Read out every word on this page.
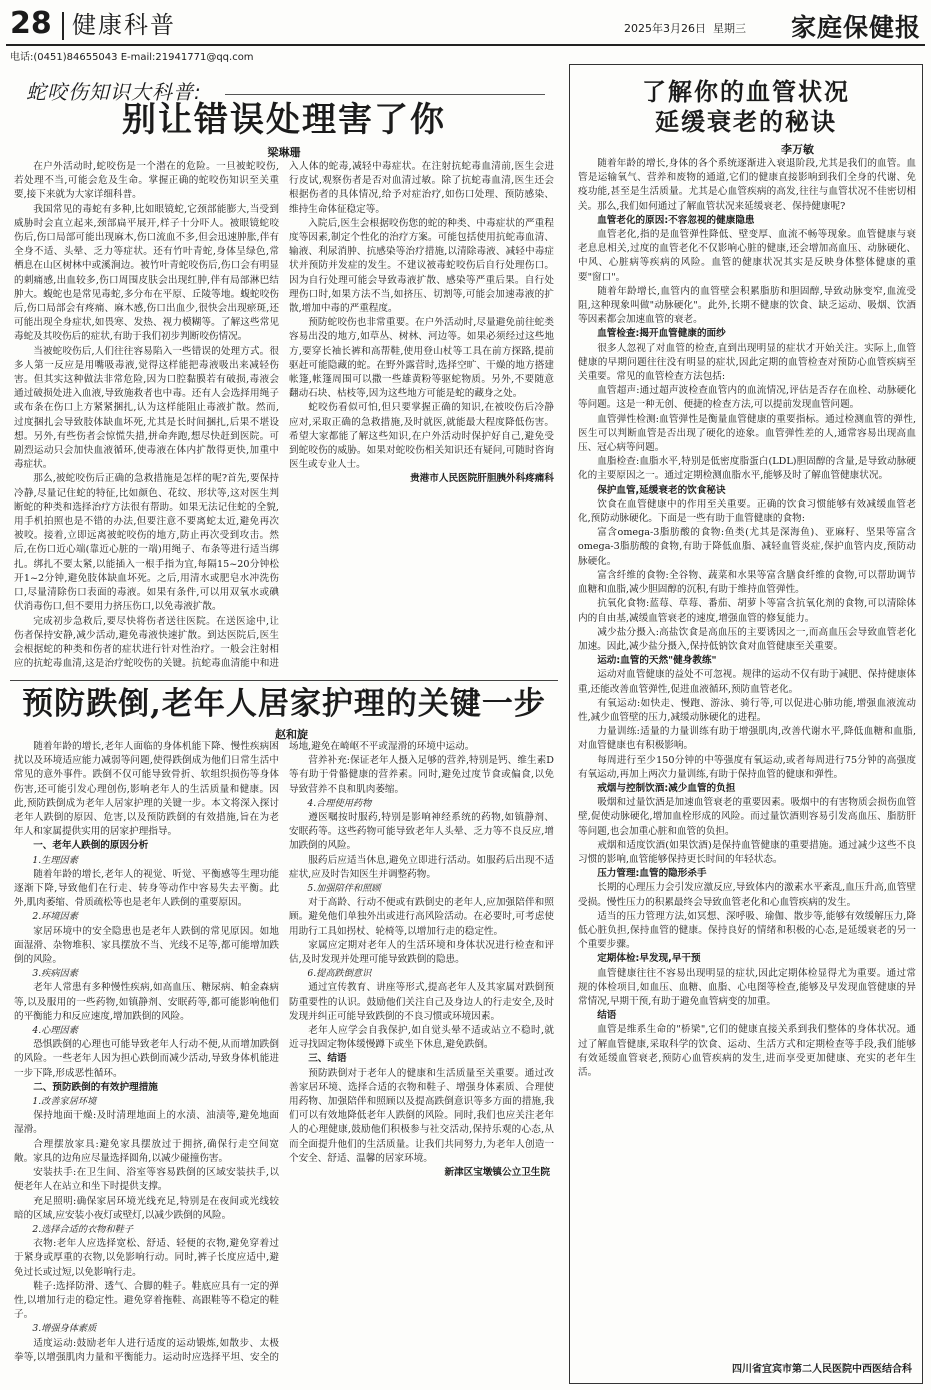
28 健康科普	2025年3月26日 星期三 家庭保健报
电话:(0451)84655043 E-mail:21941771@qq.com
蛇咬伤知识大科普:
别让错误处理害了你
梁琳珊

在户外活动时,蛇咬伤是一个潜在的危险。一旦被蛇咬伤,若处理不当,可能会危及生命。掌握正确的蛇咬伤知识至关重要,接下来就为大家详细科普。

我国常见的毒蛇有多种,比如眼镜蛇,它颈部能膨大,当受到威胁时会直立起来,颈部扁平展开,样子十分吓人。被眼镜蛇咬伤后,伤口局部可能出现麻木,伤口流血不多,但会迅速肿胀,伴有全身不适、头晕、乏力等症状。还有竹叶青蛇,身体呈绿色,常栖息在山区树林中或溪涧边。被竹叶青蛇咬伤后,伤口会有明显的刺痛感,出血较多,伤口周围皮肤会出现红肿,伴有局部淋巴结肿大。蝮蛇也是常见毒蛇,多分布在平原、丘陵等地。蝮蛇咬伤后,伤口局部会有疼痛、麻木感,伤口出血少,很快会出现瘀斑,还可能出现全身症状,如畏寒、发热、视力模糊等。了解这些常见毒蛇及其咬伤后的症状,有助于我们初步判断咬伤情况。

当被蛇咬伤后,人们往往容易陷入一些错误的处理方式。很多人第一反应是用嘴吸毒液,觉得这样能把毒液吸出来减轻伤害。但其实这种做法非常危险,因为口腔黏膜若有破损,毒液会通过破损处进入血液,导致施救者也中毒。还有人会选择用绳子或布条在伤口上方紧紧捆扎,认为这样能阻止毒液扩散。然而,过度捆扎会导致肢体缺血坏死,尤其是长时间捆扎,后果不堪设想。另外,有些伤者会惊慌失措,拼命奔跑,想尽快赶到医院。可剧烈运动只会加快血液循环,使毒液在体内扩散得更快,加重中毒症状。

那么,被蛇咬伤后正确的急救措施是怎样的呢?首先,要保持冷静,尽量记住蛇的特征,比如颜色、花纹、形状等,这对医生判断蛇的种类和选择治疗方法很有帮助。如果无法记住蛇的全貌,用手机拍照也是不错的办法,但要注意不要离蛇太近,避免再次被咬。接着,立即远离被蛇咬伤的地方,防止再次受到攻击。然后,在伤口近心端(靠近心脏的一端)用绳子、布条等进行适当绑扎。绑扎不要太紧,以能插入一根手指为宜,每隔15~20分钟松开1~2分钟,避免肢体缺血坏死。之后,用清水或肥皂水冲洗伤口,尽量清除伤口表面的毒液。如果有条件,可以用双氧水或碘伏消毒伤口,但不要用力挤压伤口,以免毒液扩散。

完成初步急救后,要尽快将伤者送往医院。在送医途中,让伤者保持安静,减少活动,避免毒液快速扩散。到达医院后,医生会根据蛇的种类和伤者的症状进行针对性治疗。一般会注射相应的抗蛇毒血清,这是治疗蛇咬伤的关键。抗蛇毒血清能中和进入人体的蛇毒,减轻中毒症状。在注射抗蛇毒血清前,医生会进行皮试,观察伤者是否对血清过敏。除了抗蛇毒血清,医生还会根据伤者的具体情况,给予对症治疗,如伤口处理、预防感染、维持生命体征稳定等。

入院后,医生会根据咬伤您的蛇的种类、中毒症状的严重程度等因素,制定个性化的治疗方案。可能包括使用抗蛇毒血清、输液、利尿消肿、抗感染等治疗措施,以清除毒液、减轻中毒症状并预防并发症的发生。不建议被毒蛇咬伤后自行处理伤口。因为自行处理可能会导致毒液扩散、感染等严重后果。自行处理伤口时,如果方法不当,如挤压、切割等,可能会加速毒液的扩散,增加中毒的严重程度。

预防蛇咬伤也非常重要。在户外活动时,尽量避免前往蛇类容易出没的地方,如草丛、树林、河边等。如果必须经过这些地方,要穿长袖长裤和高帮鞋,使用登山杖等工具在前方探路,提前驱赶可能隐藏的蛇。在野外露营时,选择空旷、干燥的地方搭建帐篷,帐篷周围可以撒一些雄黄粉等驱蛇物质。另外,不要随意翻动石块、枯枝等,因为这些地方可能是蛇的藏身之处。

蛇咬伤看似可怕,但只要掌握正确的知识,在被咬伤后冷静应对,采取正确的急救措施,及时就医,就能最大程度降低伤害。希望大家都能了解这些知识,在户外活动时保护好自己,避免受到蛇咬伤的威胁。如果对蛇咬伤相关知识还有疑问,可随时咨询医生或专业人士。

贵港市人民医院肝胆胰外科疼痛科

预防跌倒,老年人居家护理的关键一步
赵和旋

随着年龄的增长,老年人面临的身体机能下降、慢性疾病困扰以及环境适应能力减弱等问题,使得跌倒成为他们日常生活中常见的意外事件。跌倒不仅可能导致骨折、软组织损伤等身体伤害,还可能引发心理创伤,影响老年人的生活质量和健康。因此,预防跌倒成为老年人居家护理的关键一步。本文将深入探讨老年人跌倒的原因、危害,以及预防跌倒的有效措施,旨在为老年人和家属提供实用的居家护理指导。

一、老年人跌倒的原因分析

1.生理因素

随着年龄的增长,老年人的视觉、听觉、平衡感等生理功能逐渐下降,导致他们在行走、转身等动作中容易失去平衡。此外,肌肉萎缩、骨质疏松等也是老年人跌倒的重要原因。

2.环境因素

家居环境中的安全隐患也是老年人跌倒的常见原因。如地面湿滑、杂物堆积、家具摆放不当、光线不足等,都可能增加跌倒的风险。

3.疾病因素

老年人常患有多种慢性疾病,如高血压、糖尿病、帕金森病等,以及服用的一些药物,如镇静剂、安眠药等,都可能影响他们的平衡能力和反应速度,增加跌倒的风险。

4.心理因素

恐惧跌倒的心理也可能导致老年人行动不便,从而增加跌倒的风险。一些老年人因为担心跌倒而减少活动,导致身体机能进一步下降,形成恶性循环。

二、预防跌倒的有效护理措施

1.改善家居环境

保持地面干燥:及时清理地面上的水渍、油渍等,避免地面湿滑。

合理摆放家具:避免家具摆放过于拥挤,确保行走空间宽敞。家具的边角应尽量选择圆角,以减少碰撞伤害。

安装扶手:在卫生间、浴室等容易跌倒的区域安装扶手,以便老年人在站立和坐下时提供支撑。

充足照明:确保家居环境光线充足,特别是在夜间或光线较暗的区域,应安装小夜灯或壁灯,以减少跌倒的风险。

2.选择合适的衣物和鞋子

衣物:老年人应选择宽松、舒适、轻便的衣物,避免穿着过于紧身或厚重的衣物,以免影响行动。同时,裤子长度应适中,避免过长或过短,以免影响行走。

鞋子:选择防滑、透气、合脚的鞋子。鞋底应具有一定的弹性,以增加行走的稳定性。避免穿着拖鞋、高跟鞋等不稳定的鞋子。

3.增强身体素质

适度运动:鼓励老年人进行适度的运动锻炼,如散步、太极拳等,以增强肌肉力量和平衡能力。运动时应选择平坦、安全的场地,避免在崎岖不平或湿滑的环境中运动。

营养补充:保证老年人摄入足够的营养,特别是钙、维生素D等有助于骨骼健康的营养素。同时,避免过度节食或偏食,以免导致营养不良和肌肉萎缩。

4.合理使用药物

遵医嘱按时服药,特别是影响神经系统的药物,如镇静剂、安眠药等。这些药物可能导致老年人头晕、乏力等不良反应,增加跌倒的风险。

服药后应适当休息,避免立即进行活动。如服药后出现不适症状,应及时告知医生并调整药物。

5.加强陪伴和照顾

对于高龄、行动不便或有跌倒史的老年人,应加强陪伴和照顾。避免他们单独外出或进行高风险活动。在必要时,可考虑使用助行工具如拐杖、轮椅等,以增加行走的稳定性。

家属应定期对老年人的生活环境和身体状况进行检查和评估,及时发现并处理可能导致跌倒的隐患。

6.提高跌倒意识

通过宣传教育、讲座等形式,提高老年人及其家属对跌倒预防重要性的认识。鼓励他们关注自己及身边人的行走安全,及时发现并纠正可能导致跌倒的不良习惯或环境因素。

老年人应学会自我保护,如自觉头晕不适或站立不稳时,就近寻找固定物体缓慢蹲下或坐下休息,避免跌倒。

三、结语

预防跌倒对于老年人的健康和生活质量至关重要。通过改善家居环境、选择合适的衣物和鞋子、增强身体素质、合理使用药物、加强陪伴和照顾以及提高跌倒意识等多方面的措施,我们可以有效地降低老年人跌倒的风险。同时,我们也应关注老年人的心理健康,鼓励他们积极参与社交活动,保持乐观的心态,从而全面提升他们的生活质量。让我们共同努力,为老年人创造一个安全、舒适、温馨的居家环境。

新津区宝墩镇公立卫生院

了解你的血管状况
延缓衰老的秘诀
李万敏

随着年龄的增长,身体的各个系统逐渐进入衰退阶段,尤其是我们的血管。血管是运输氧气、营养和废物的通道,它们的健康直接影响到我们全身的代谢、免疫功能,甚至是生活质量。尤其是心血管疾病的高发,往往与血管状况不佳密切相关。那么,我们如何通过了解血管状况来延缓衰老、保持健康呢?

血管老化的原因:不容忽视的健康隐患

血管老化,指的是血管弹性降低、壁变厚、血流不畅等现象。血管健康与衰老息息相关,过度的血管老化不仅影响心脏的健康,还会增加高血压、动脉硬化、中风、心脏病等疾病的风险。血管的健康状况其实是反映身体整体健康的重要"窗口"。

随着年龄增长,血管内的血管壁会积累脂肪和胆固醇,导致动脉变窄,血流受阻,这种现象叫做"动脉硬化"。此外,长期不健康的饮食、缺乏运动、吸烟、饮酒等因素都会加速血管的衰老。

血管检查:揭开血管健康的面纱

很多人忽视了对血管的检查,直到出现明显的症状才开始关注。实际上,血管健康的早期问题往往没有明显的症状,因此定期的血管检查对预防心血管疾病至关重要。常见的血管检查方法包括:

血管超声:通过超声波检查血管内的血流情况,评估是否存在血栓、动脉硬化等问题。这是一种无创、便捷的检查方法,可以提前发现血管问题。

血管弹性检测:血管弹性是衡量血管健康的重要指标。通过检测血管的弹性,医生可以判断血管是否出现了硬化的迹象。血管弹性差的人,通常容易出现高血压、冠心病等问题。

血脂检查:血脂水平,特别是低密度脂蛋白(LDL)胆固醇的含量,是导致动脉硬化的主要原因之一。通过定期检测血脂水平,能够及时了解血管健康状况。

保护血管,延缓衰老的饮食秘诀

饮食在血管健康中的作用至关重要。正确的饮食习惯能够有效减缓血管老化,预防动脉硬化。下面是一些有助于血管健康的食物:

富含omega-3脂肪酸的食物:鱼类(尤其是深海鱼)、亚麻籽、坚果等富含omega-3脂肪酸的食物,有助于降低血脂、减轻血管炎症,保护血管内皮,预防动脉硬化。

富含纤维的食物:全谷物、蔬菜和水果等富含膳食纤维的食物,可以帮助调节血糖和血脂,减少胆固醇的沉积,有助于维持血管弹性。

抗氧化食物:蓝莓、草莓、番茄、胡萝卜等富含抗氧化剂的食物,可以清除体内的自由基,减缓血管衰老的速度,增强血管的修复能力。

减少盐分摄入:高盐饮食是高血压的主要诱因之一,而高血压会导致血管老化加速。因此,减少盐分摄入,保持低钠饮食对血管健康至关重要。

运动:血管的天然"健身教练"

运动对血管健康的益处不可忽视。规律的运动不仅有助于减肥、保持健康体重,还能改善血管弹性,促进血液循环,预防血管老化。

有氧运动:如快走、慢跑、游泳、骑行等,可以促进心肺功能,增强血液流动性,减少血管壁的压力,减缓动脉硬化的进程。

力量训练:适量的力量训练有助于增强肌肉,改善代谢水平,降低血糖和血脂,对血管健康也有积极影响。

每周进行至少150分钟的中等强度有氧运动,或者每周进行75分钟的高强度有氧运动,再加上两次力量训练,有助于保持血管的健康和弹性。

戒烟与控制饮酒:减少血管的负担

吸烟和过量饮酒是加速血管衰老的重要因素。吸烟中的有害物质会损伤血管壁,促使动脉硬化,增加血栓形成的风险。而过量饮酒则容易引发高血压、脂肪肝等问题,也会加重心脏和血管的负担。

戒烟和适度饮酒(如果饮酒)是保持血管健康的重要措施。通过减少这些不良习惯的影响,血管能够保持更长时间的年轻状态。

压力管理:血管的隐形杀手

长期的心理压力会引发应激反应,导致体内的激素水平紊乱,血压升高,血管壁受损。慢性压力的积累最终会导致血管老化和心血管疾病的发生。

适当的压力管理方法,如冥想、深呼吸、瑜伽、散步等,能够有效缓解压力,降低心脏负担,保持血管的健康。保持良好的情绪和积极的心态,是延缓衰老的另一个重要步骤。

定期体检:早发现,早干预

血管健康往往不容易出现明显的症状,因此定期体检显得尤为重要。通过常规的体检项目,如血压、血糖、血脂、心电图等检查,能够及早发现血管健康的异常情况,早期干预,有助于避免血管病变的加重。

结语

血管是维系生命的"桥梁",它们的健康直接关系到我们整体的身体状况。通过了解血管健康,采取科学的饮食、运动、生活方式和定期检查等手段,我们能够有效延缓血管衰老,预防心血管疾病的发生,进而享受更加健康、充实的老年生活。

四川省宜宾市第二人民医院中西医结合科
